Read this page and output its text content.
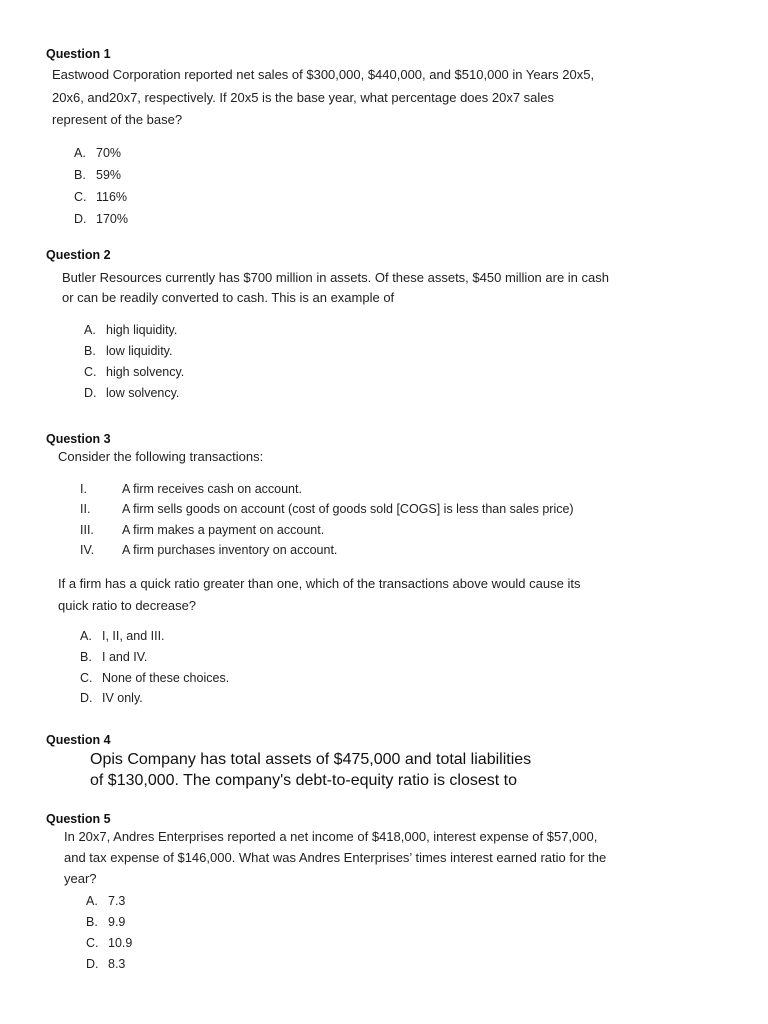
Question 1
Eastwood Corporation reported net sales of $300,000, $440,000, and $510,000 in Years 20x5,
20x6, and20x7, respectively. If 20x5 is the base year, what percentage does 20x7 sales
represent of the base?
A. 70%
B. 59%
C. 116%
D. 170%
Question 2
Butler Resources currently has $700 million in assets. Of these assets, $450 million are in cash
or can be readily converted to cash. This is an example of
A. high liquidity.
B. low liquidity.
C. high solvency.
D. low solvency.
Question 3
Consider the following transactions:
I.	A firm receives cash on account.
II.	A firm sells goods on account (cost of goods sold [COGS] is less than sales price)
III. A firm makes a payment on account.
IV. A firm purchases inventory on account.
If a firm has a quick ratio greater than one, which of the transactions above would cause its
quick ratio to decrease?
A. I, II, and III.
B. I and IV.
C. None of these choices.
D. IV only.
Question 4
Opis Company has total assets of $475,000 and total liabilities
of $130,000. The company's debt-to-equity ratio is closest to
Question 5
In 20x7, Andres Enterprises reported a net income of $418,000, interest expense of $57,000,
and tax expense of $146,000. What was Andres Enterprises’ times interest earned ratio for the
year?
A. 7.3
B. 9.9
C. 10.9
D. 8.3
